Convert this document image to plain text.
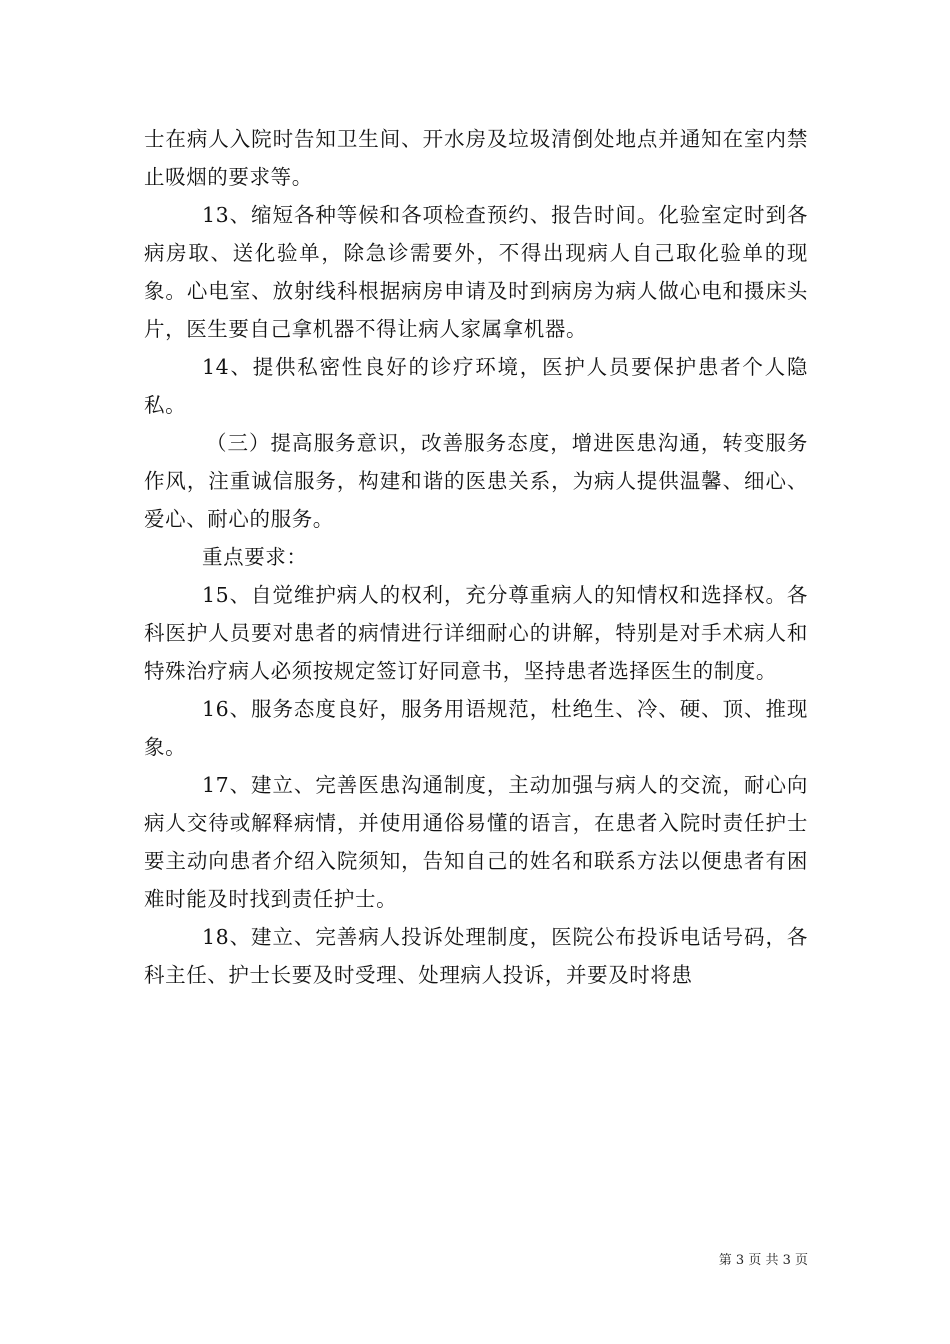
士在病人入院时告知卫生间、开水房及垃圾清倒处地点并通知在室内禁止吸烟的要求等。

13、缩短各种等候和各项检查预约、报告时间。化验室定时到各病房取、送化验单，除急诊需要外，不得出现病人自己取化验单的现象。心电室、放射线科根据病房申请及时到病房为病人做心电和摄床头片，医生要自己拿机器不得让病人家属拿机器。

14、提供私密性良好的诊疗环境，医护人员要保护患者个人隐私。

（三）提高服务意识，改善服务态度，增进医患沟通，转变服务作风，注重诚信服务，构建和谐的医患关系，为病人提供温馨、细心、爱心、耐心的服务。

重点要求：

15、自觉维护病人的权利，充分尊重病人的知情权和选择权。各科医护人员要对患者的病情进行详细耐心的讲解，特别是对手术病人和特殊治疗病人必须按规定签订好同意书，坚持患者选择医生的制度。

16、服务态度良好，服务用语规范，杜绝生、冷、硬、顶、推现象。

17、建立、完善医患沟通制度，主动加强与病人的交流，耐心向病人交待或解释病情，并使用通俗易懂的语言，在患者入院时责任护士要主动向患者介绍入院须知，告知自己的姓名和联系方法以便患者有困难时能及时找到责任护士。

18、建立、完善病人投诉处理制度，医院公布投诉电话号码，各科主任、护士长要及时受理、处理病人投诉，并要及时将患

第 3 页 共 3 页
